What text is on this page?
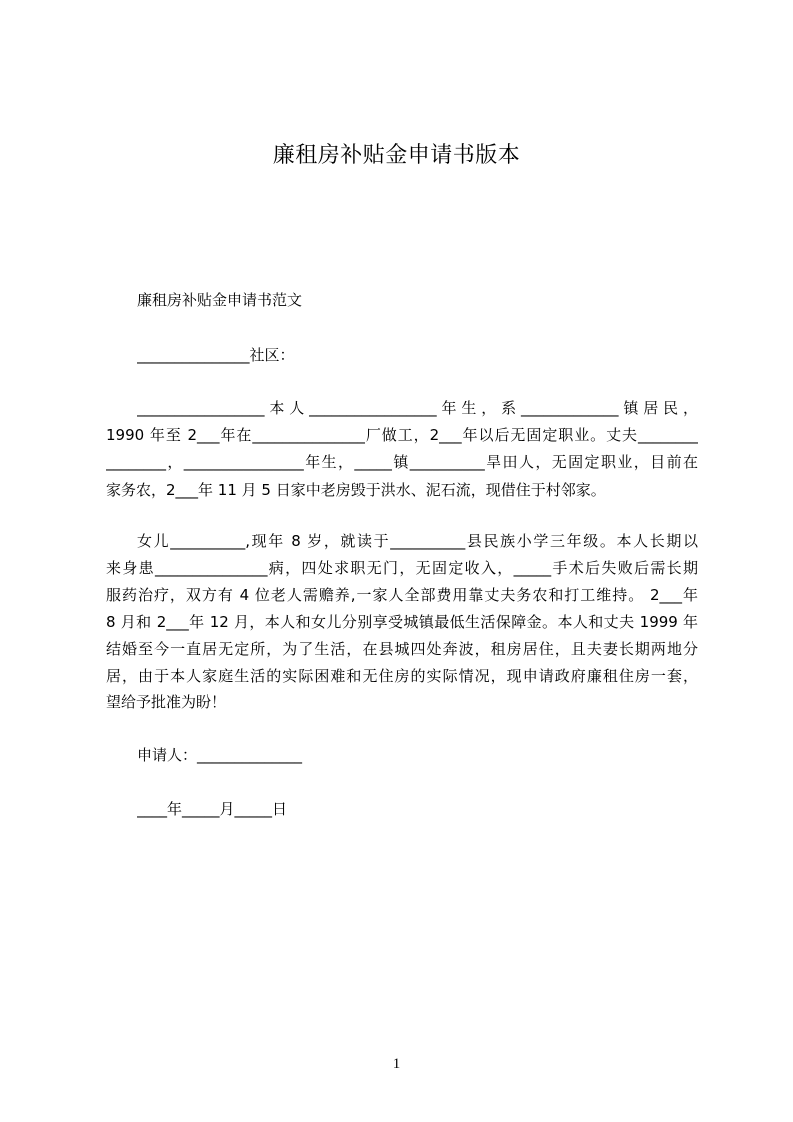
廉租房补贴金申请书版本
廉租房补贴金申请书范文
_______________社区：
_________________本人_________________年生，系_____________镇居民，
1990 年至 2___年在_______________厂做工，2___年以后无固定职业。丈夫________
________，________________年生，_____镇__________旱田人，无固定职业，目前在
家务农，2___年 11 月 5 日家中老房毁于洪水、泥石流，现借住于村邻家。
女儿__________,现年 8 岁，就读于__________县民族小学三年级。本人长期以
来身患_______________病，四处求职无门，无固定收入，_____手术后失败后需长期
服药治疗，双方有 4 位老人需赡养,一家人全部费用靠丈夫务农和打工维持。 2___年
8 月和 2___年 12 月，本人和女儿分别享受城镇最低生活保障金。本人和丈夫 1999 年
结婚至今一直居无定所，为了生活，在县城四处奔波，租房居住，且夫妻长期两地分
居，由于本人家庭生活的实际困难和无住房的实际情况，现申请政府廉租住房一套，
望给予批准为盼！
申请人：______________
____年_____月_____日
1
